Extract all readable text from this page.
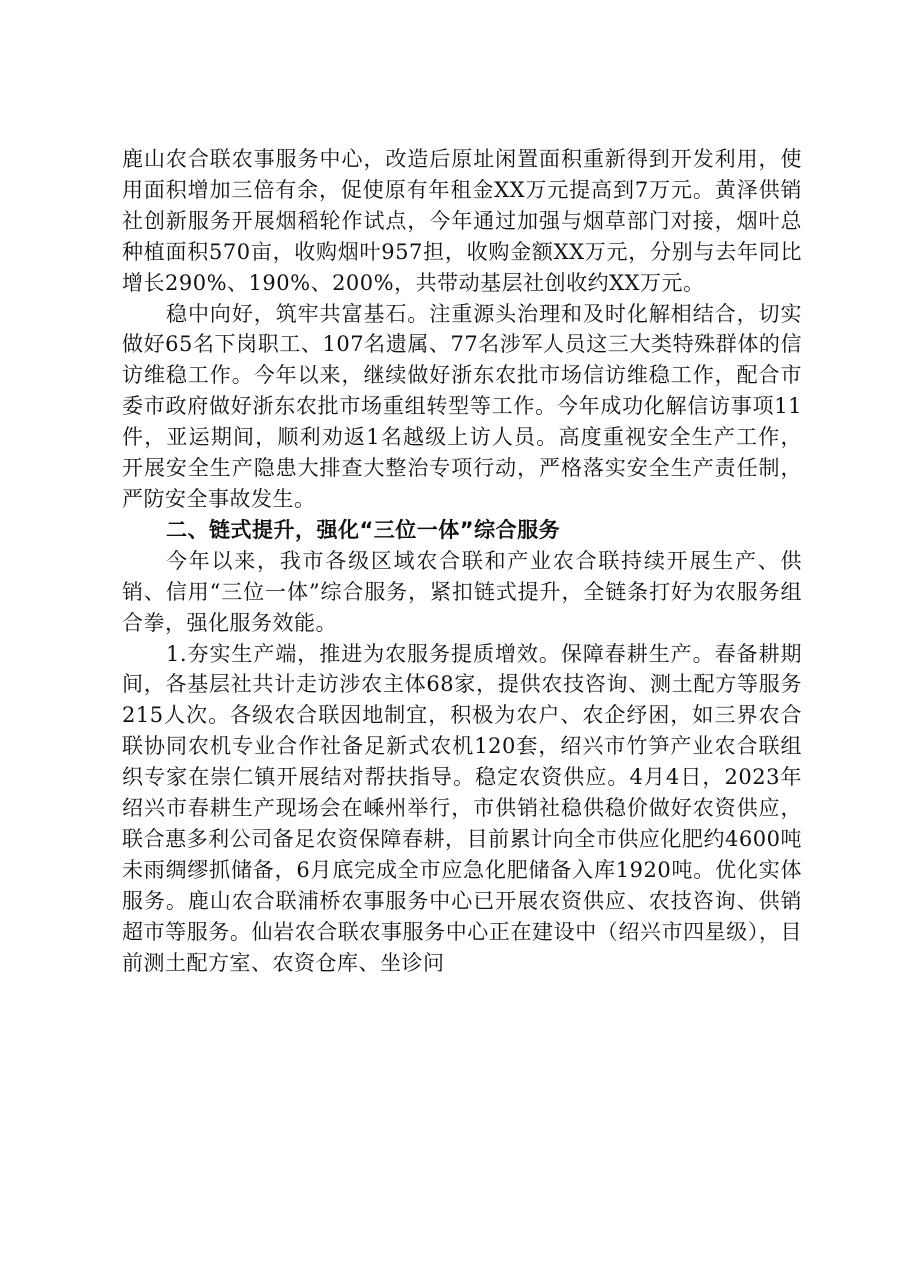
鹿山农合联农事服务中心，改造后原址闲置面积重新得到开发利用，使用面积增加三倍有余，促使原有年租金XX万元提高到7万元。黄泽供销社创新服务开展烟稻轮作试点，今年通过加强与烟草部门对接，烟叶总种植面积570亩，收购烟叶957担，收购金额XX万元，分别与去年同比增长290%、190%、200%，共带动基层社创收约XX万元。

稳中向好，筑牢共富基石。注重源头治理和及时化解相结合，切实做好65名下岗职工、107名遗属、77名涉军人员这三大类特殊群体的信访维稳工作。今年以来，继续做好浙东农批市场信访维稳工作，配合市委市政府做好浙东农批市场重组转型等工作。今年成功化解信访事项11件，亚运期间，顺利劝返1名越级上访人员。高度重视安全生产工作，开展安全生产隐患大排查大整治专项行动，严格落实安全生产责任制，严防安全事故发生。

二、链式提升，强化“三位一体”综合服务

今年以来，我市各级区域农合联和产业农合联持续开展生产、供销、信用“三位一体”综合服务，紧扣链式提升，全链条打好为农服务组合拳，强化服务效能。

1.夯实生产端，推进为农服务提质增效。保障春耕生产。春备耕期间，各基层社共计走访涉农主体68家，提供农技咨询、测土配方等服务215人次。各级农合联因地制宜，积极为农户、农企纾困，如三界农合联协同农机专业合作社备足新式农机120套，绍兴市竹笋产业农合联组织专家在崇仁镇开展结对帮扶指导。稳定农资供应。4月4日，2023年绍兴市春耕生产现场会在嵊州举行，市供销社稳供稳价做好农资供应，联合惠多利公司备足农资保障春耕，目前累计向全市供应化肥约4600吨未雨绸缪抓储备，6月底完成全市应急化肥储备入库1920吨。优化实体服务。鹿山农合联浦桥农事服务中心已开展农资供应、农技咨询、供销超市等服务。仙岩农合联农事服务中心正在建设中（绍兴市四星级），目前测土配方室、农资仓库、坐诊问
